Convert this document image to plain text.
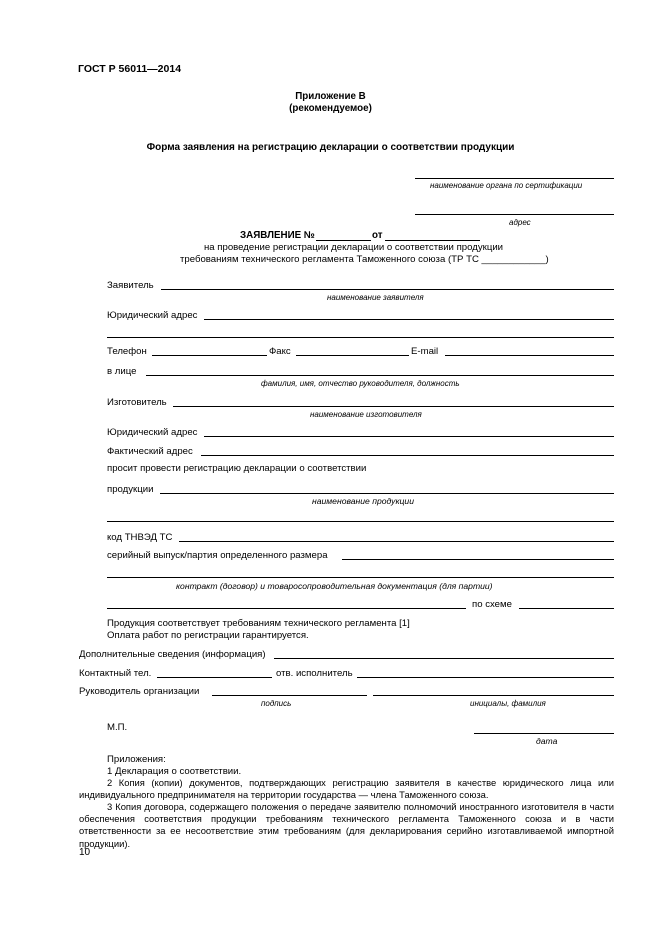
ГОСТ Р 56011—2014
Приложение В
(рекомендуемое)
Форма заявления на регистрацию декларации о соответствии продукции
наименование органа по сертификации
адрес
ЗАЯВЛЕНИЕ №	от
на проведение регистрации декларации о соответствии продукции
требованиям технического регламента Таможенного союза (ТР ТС ____________)
Заявитель
наименование заявителя
Юридический адрес
Телефон	Факс	E-mail
в лице
фамилия, имя, отчество руководителя, должность
Изготовитель
наименование изготовителя
Юридический адрес
Фактический адрес
просит провести регистрацию декларации о соответствии
продукции
наименование продукции
код ТНВЭД ТС
серийный выпуск/партия определенного размера
контракт (договор) и товаросопроводительная документация (для партии)
по схеме
Продукция соответствует требованиям технического регламента [1]
Оплата работ по регистрации гарантируется.
Дополнительные сведения (информация)
Контактный тел.	отв. исполнитель
Руководитель организации
подпись	инициалы, фамилия
М.П.
дата
Приложения:
1 Декларация о соответствии.
2 Копия (копии) документов, подтверждающих регистрацию заявителя в качестве юридического лица или индивидуального предпринимателя на территории государства — члена Таможенного союза.
3 Копия договора, содержащего положения о передаче заявителю полномочий иностранного изготовителя в части обеспечения соответствия продукции требованиям технического регламента Таможенного союза и в части ответственности за ее несоответствие этим требованиям (для декларирования серийно изготавливаемой импортной продукции).
10
